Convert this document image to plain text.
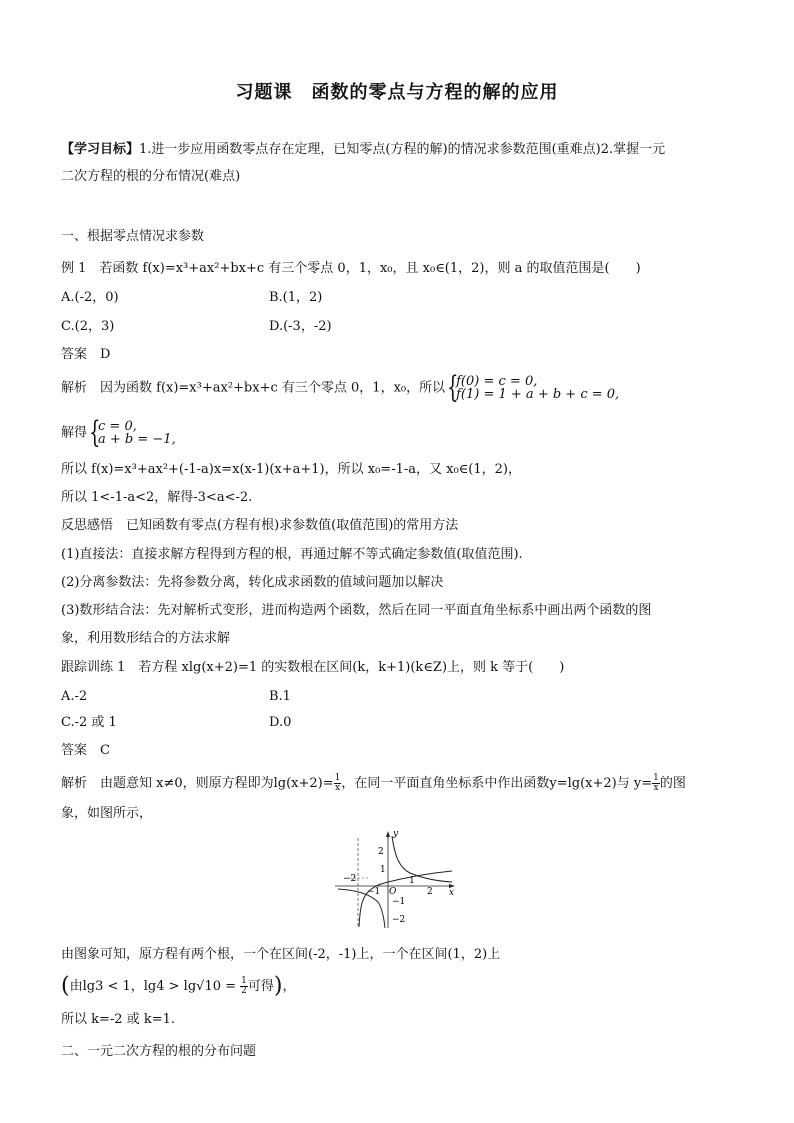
习题课　函数的零点与方程的解的应用
【学习目标】1.进一步应用函数零点存在定理，已知零点(方程的解)的情况求参数范围(重难点)2.掌握一元
二次方程的根的分布情况(难点)
一、根据零点情况求参数
例 1　若函数 f(x)=x³+ax²+bx+c 有三个零点 0，1，x₀，且 x₀∈(1，2)，则 a 的取值范围是(　　)
A.(-2，0)	B.(1，2)
C.(2，3)	D.(-3，-2)
答案　D
解析　因为函数 f(x)=x³+ax²+bx+c 有三个零点 0，1，x₀，所以 {
f(0) = c = 0,
f(1) = 1 + a + b + c = 0,
解得 {
c = 0,
a + b = −1,
所以 f(x)=x³+ax²+(-1-a)x=x(x-1)(x+a+1)，所以 x₀=-1-a，又 x₀∈(1，2)，
所以 1<-1-a<2，解得-3<a<-2.
反思感悟　已知函数有零点(方程有根)求参数值(取值范围)的常用方法
(1)直接法：直接求解方程得到方程的根，再通过解不等式确定参数值(取值范围).
(2)分离参数法：先将参数分离，转化成求函数的值域问题加以解决
(3)数形结合法：先对解析式变形，进而构造两个函数，然后在同一平面直角坐标系中画出两个函数的图
象，利用数形结合的方法求解
跟踪训练 1　若方程 xlg(x+2)=1 的实数根在区间(k，k+1)(k∈Z)上，则 k 等于(　　)
A.-2	B.1
C.-2 或 1	D.0
答案　C
解析　由题意知 x≠0，则原方程即为$\lg(x+2)= \frac{1}{x}$ ，在同一平面直角坐标系中作出函数y=lg(x+2)与 $y= \frac{1}{x}$ 的图
象，如图所示，
y
x
O
2
1
−1
−2
−2
−1
1
2
由图象可知，原方程有两个根，一个在区间(-2，-1)上，一个在区间(1，2)上
(由lg3 < 1，$\lg 4 > \lg√10 = \frac{1}{2}$ 可得)，
所以 k=-2 或 k=1.
二、一元二次方程的根的分布问题
